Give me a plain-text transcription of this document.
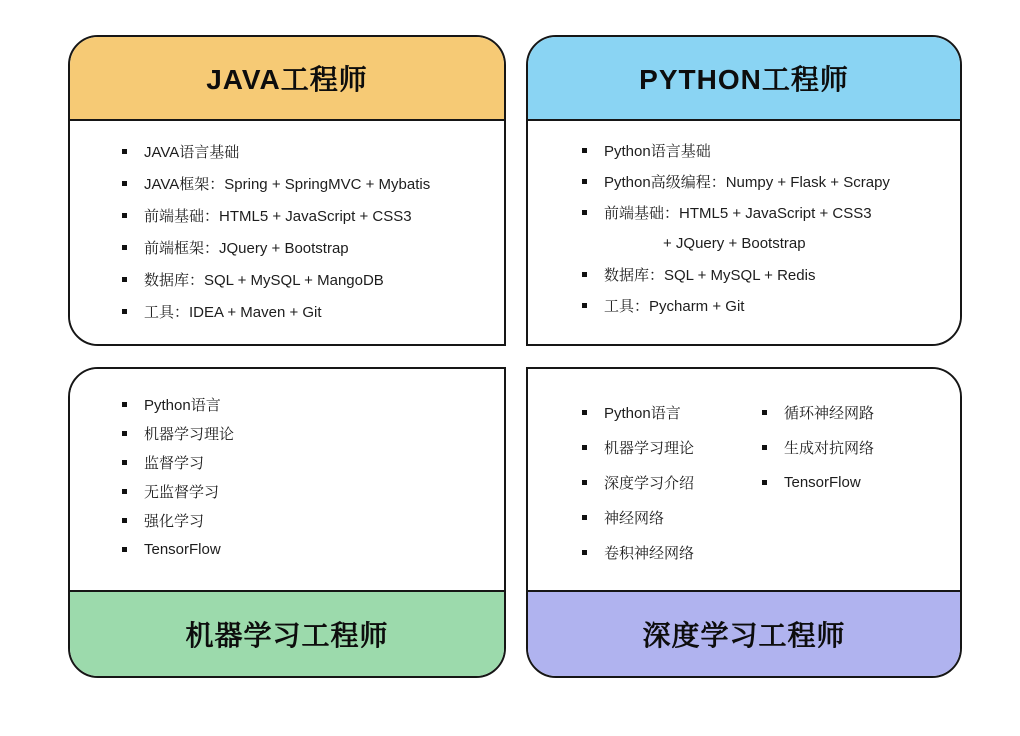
JAVA工程师
JAVA语言基础
JAVA框架：Spring + SpringMVC + Mybatis
前端基础：HTML5 + JavaScript + CSS3
前端框架：JQuery + Bootstrap
数据库：SQL + MySQL + MangoDB
工具：IDEA + Maven + Git
PYTHON工程师
Python语言基础
Python高级编程：Numpy + Flask + Scrapy
前端基础：HTML5 + JavaScript + CSS3
+ JQuery + Bootstrap
数据库：SQL + MySQL + Redis
工具：Pycharm + Git
Python语言
机器学习理论
监督学习
无监督学习
强化学习
TensorFlow
机器学习工程师
Python语言
机器学习理论
深度学习介绍
神经网络
卷积神经网络
循环神经网路
生成对抗网络
TensorFlow
深度学习工程师
